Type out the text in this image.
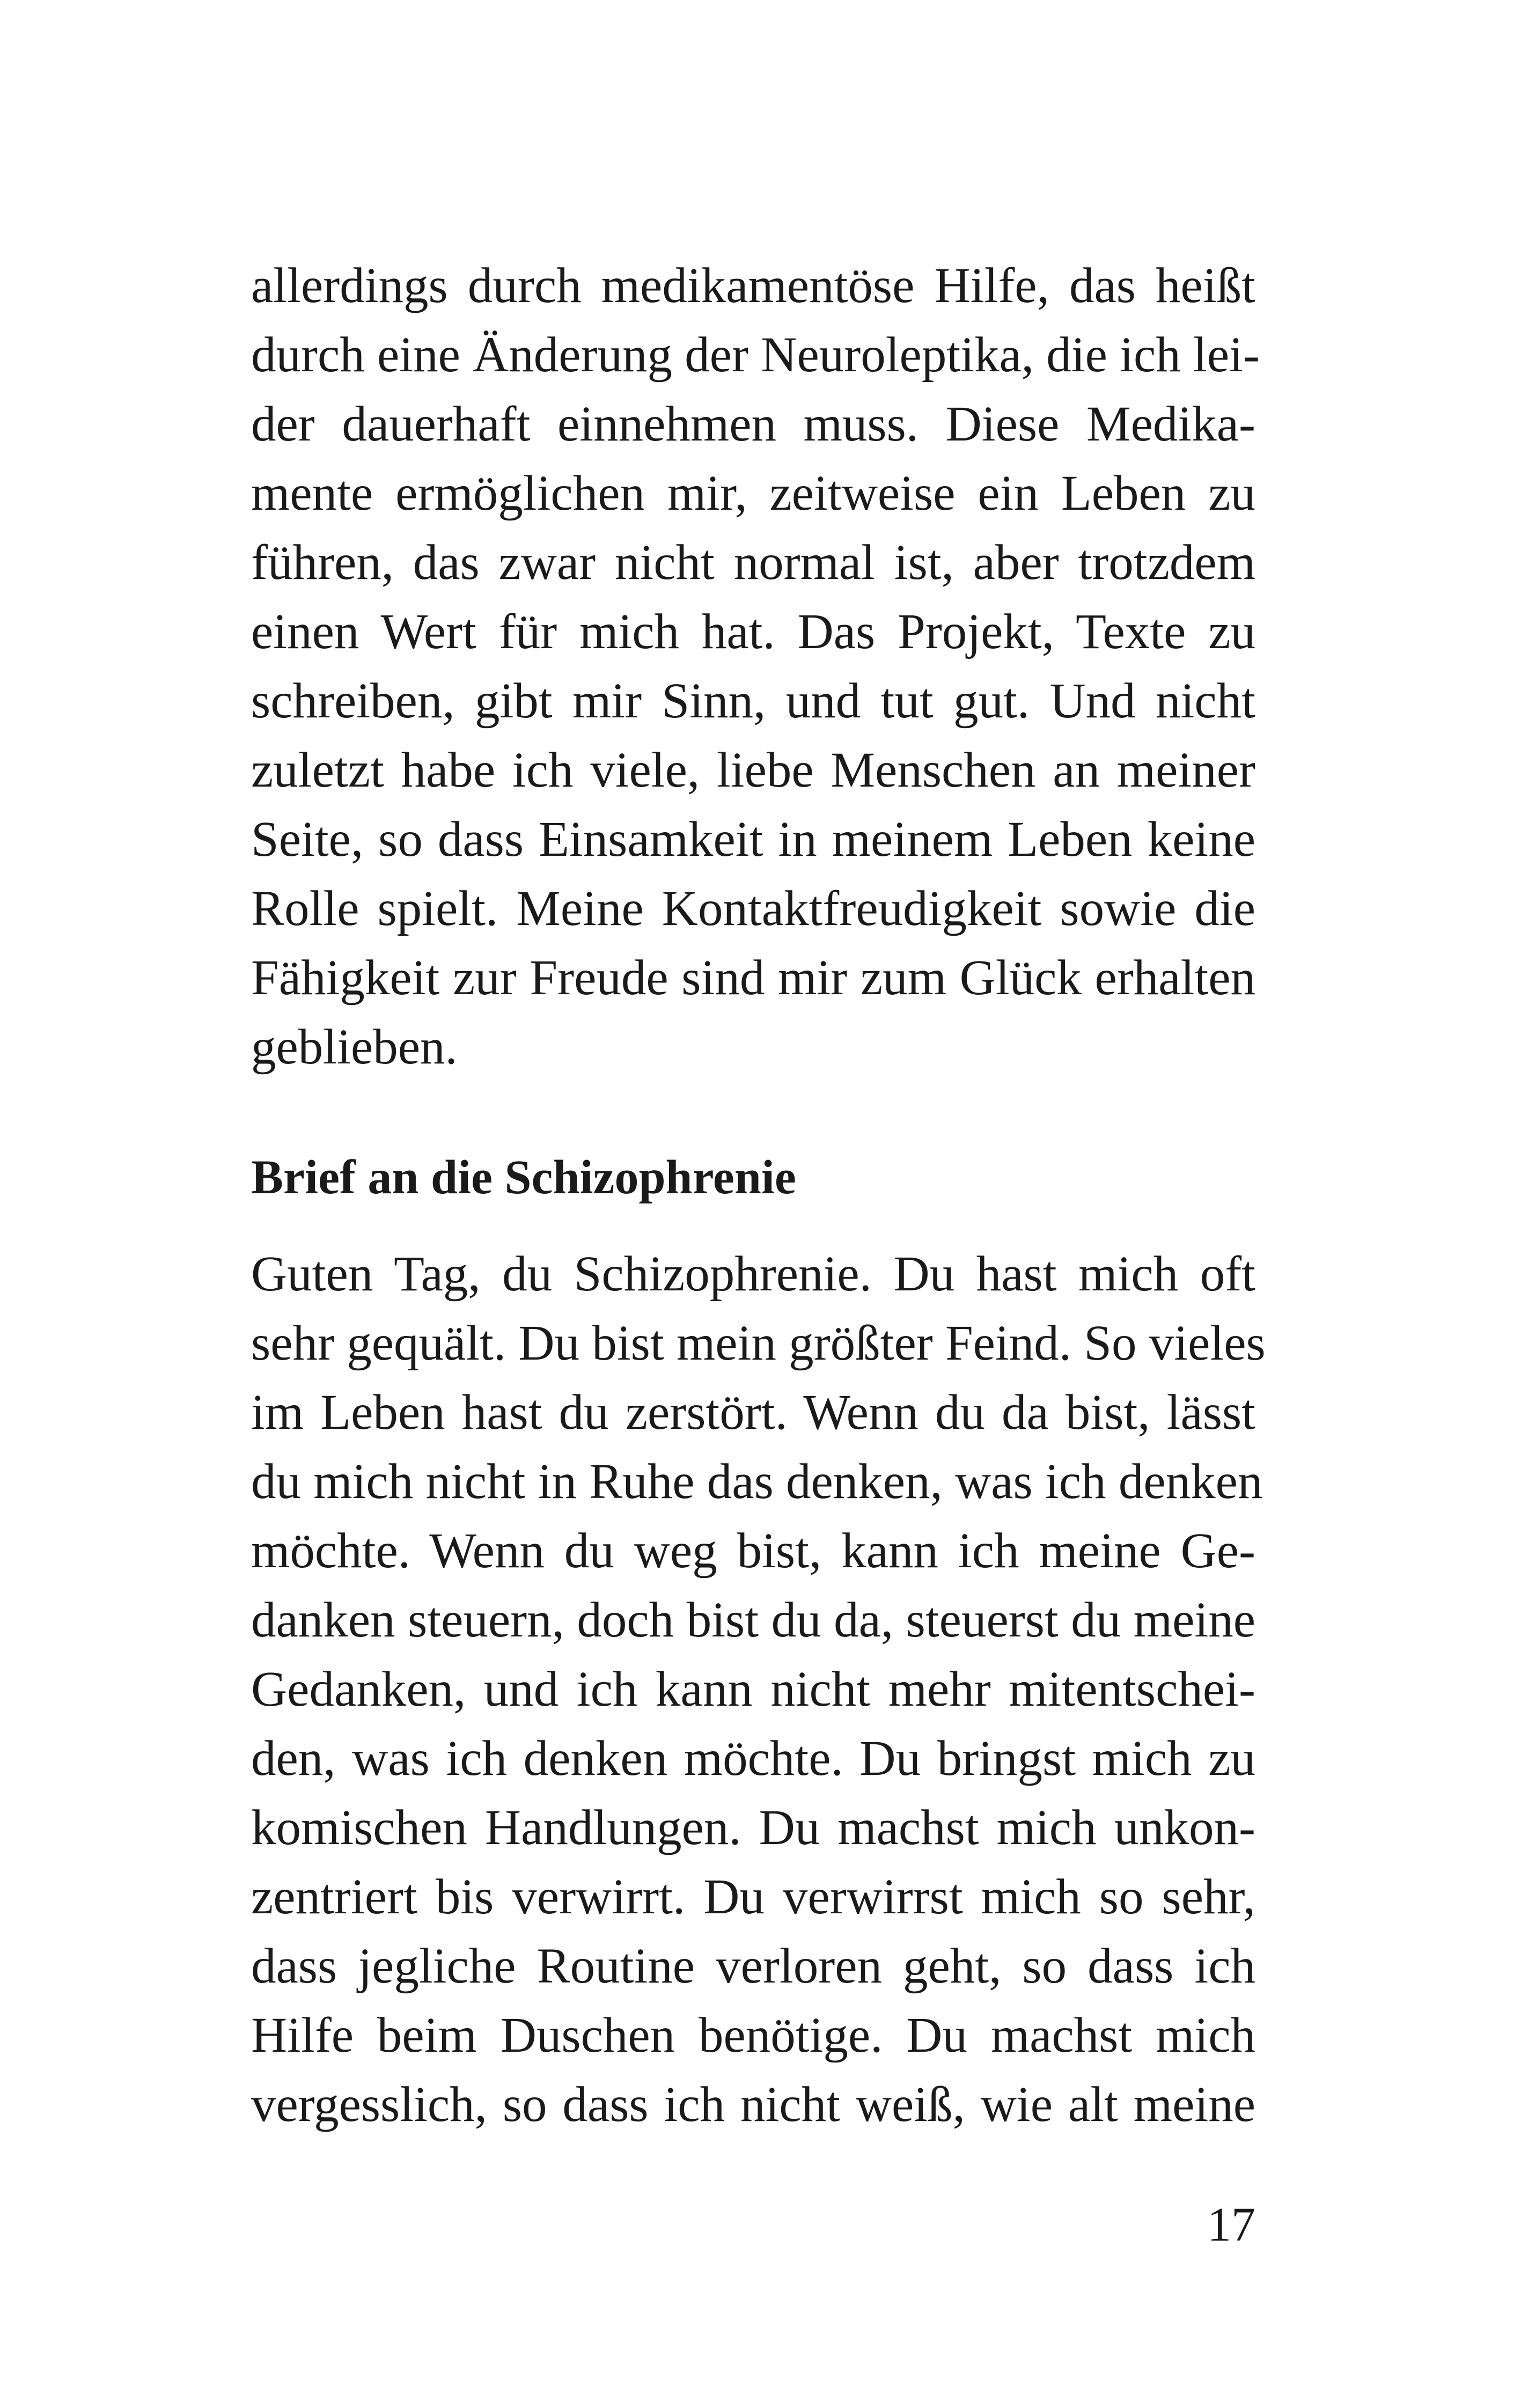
allerdings durch medikamentöse Hilfe, das heißt
durch eine Änderung der Neuroleptika, die ich lei-
der dauerhaft einnehmen muss. Diese Medika-
mente ermöglichen mir, zeitweise ein Leben zu
führen, das zwar nicht normal ist, aber trotzdem
einen Wert für mich hat. Das Projekt, Texte zu
schreiben, gibt mir Sinn, und tut gut. Und nicht
zuletzt habe ich viele, liebe Menschen an meiner
Seite, so dass Einsamkeit in meinem Leben keine
Rolle spielt. Meine Kontaktfreudigkeit sowie die
Fähigkeit zur Freude sind mir zum Glück erhalten
geblieben.
Brief an die Schizophrenie
Guten Tag, du Schizophrenie. Du hast mich oft
sehr gequält. Du bist mein größter Feind. So vieles
im Leben hast du zerstört. Wenn du da bist, lässt
du mich nicht in Ruhe das denken, was ich denken
möchte. Wenn du weg bist, kann ich meine Ge-
danken steuern, doch bist du da, steuerst du meine
Gedanken, und ich kann nicht mehr mitentschei-
den, was ich denken möchte. Du bringst mich zu
komischen Handlungen. Du machst mich unkon-
zentriert bis verwirrt. Du verwirrst mich so sehr,
dass jegliche Routine verloren geht, so dass ich
Hilfe beim Duschen benötige. Du machst mich
vergesslich, so dass ich nicht weiß, wie alt meine
17
